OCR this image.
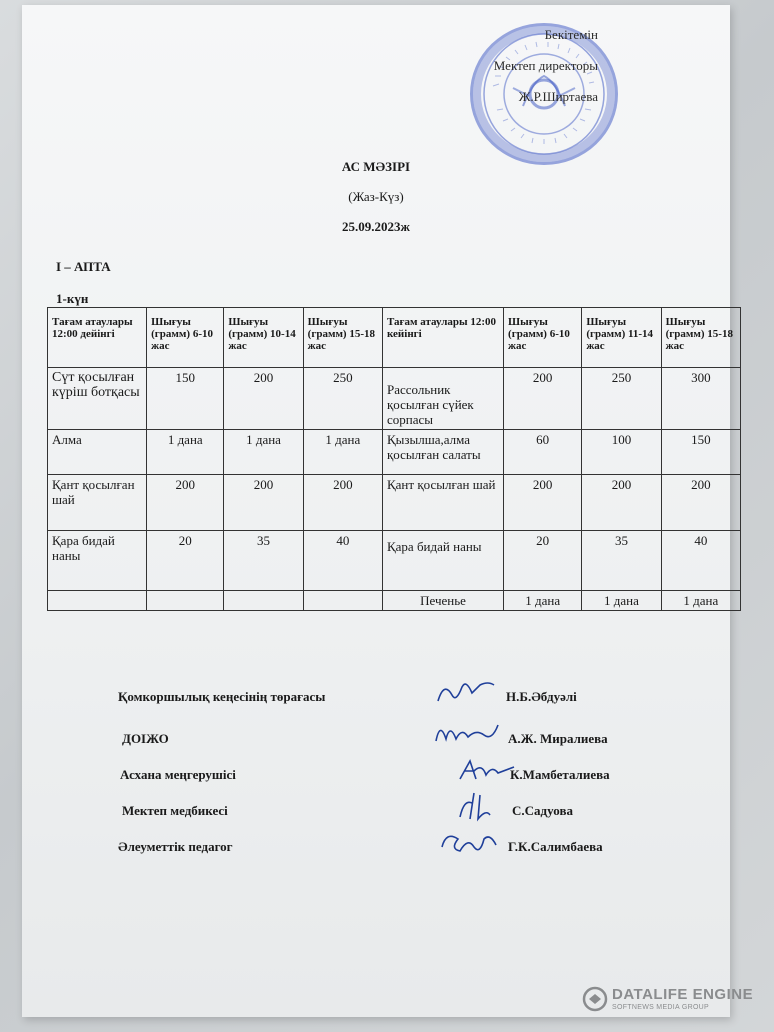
Бекітемін
Мектеп директоры
Ж.Р.Ширтаева
АС МӘЗІРІ
(Жаз-Күз)
25.09.2023ж
I – АПТА
1-күн
Тағам атаулары 12:00 дейінгі	Шығуы (грамм) 6-10 жас	Шығуы (грамм) 10-14 жас	Шығуы (грамм) 15-18 жас	Тағам атаулары 12:00 кейінгі	Шығуы (грамм) 6-10 жас	Шығуы (грамм) 11-14 жас	Шығуы (грамм) 15-18 жас
Сүт қосылған күріш ботқасы	150	200	250	Рассольник қосылған сүйек сорпасы	200	250	300
Алма	1 дана	1 дана	1 дана	Қызылша,алма қосылған салаты	60	100	150
Қант қосылған шай	200	200	200	Қант қосылған шай	200	200	200
Қара бидай наны	20	35	40	Қара бидай наны	20	35	40
				Печенье	1 дана	1 дана	1 дана
Қомкоршылық кеңесінің төрағасы	Н.Б.Әбдуәлі
ДОІЖО	А.Ж. Миралиева
Асхана меңгерушісі	К.Мамбеталиева
Мектеп медбикесі	С.Садуова
Әлеуметтік педагог	Г.К.Салимбаева
DATALIFE ENGINE
SOFTNEWS MEDIA GROUP
